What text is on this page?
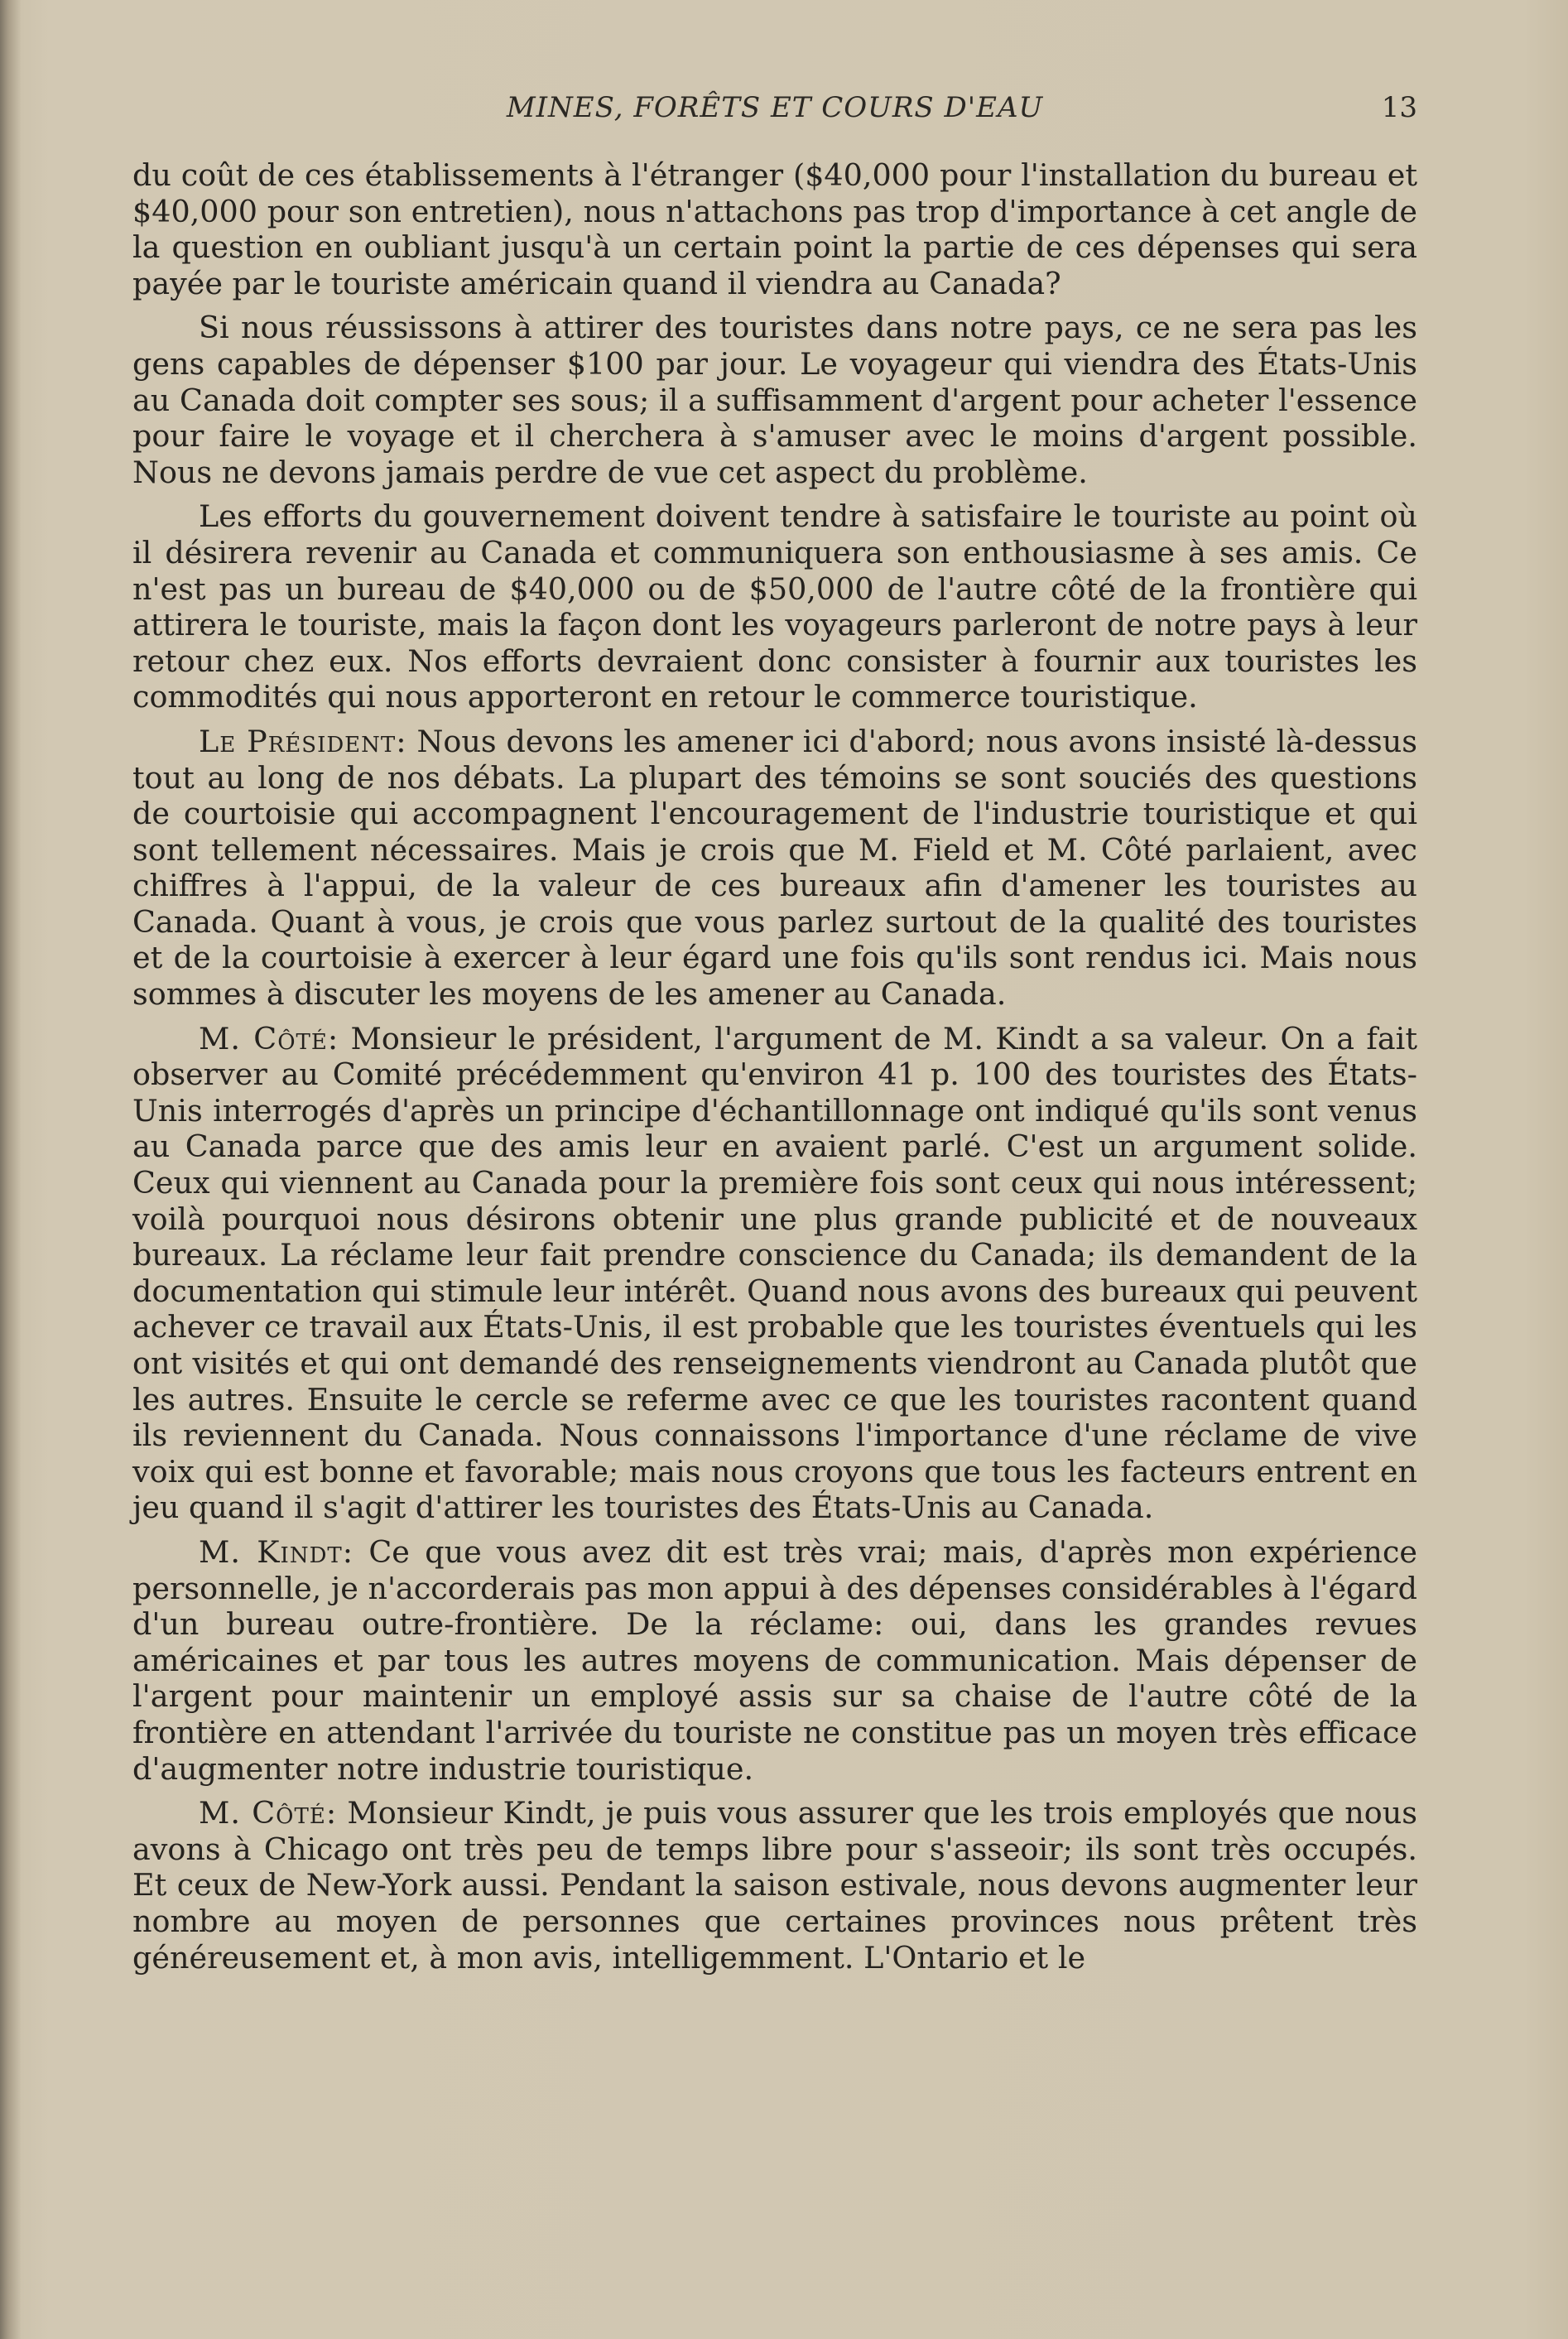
MINES, FORÊTS ET COURS D'EAU	13

du coût de ces établissements à l'étranger ($40,000 pour l'installation du bureau et $40,000 pour son entretien), nous n'attachons pas trop d'importance à cet angle de la question en oubliant jusqu'à un certain point la partie de ces dépenses qui sera payée par le touriste américain quand il viendra au Canada?

Si nous réussissons à attirer des touristes dans notre pays, ce ne sera pas les gens capables de dépenser $100 par jour. Le voyageur qui viendra des États-Unis au Canada doit compter ses sous; il a suffisamment d'argent pour acheter l'essence pour faire le voyage et il cherchera à s'amuser avec le moins d'argent possible. Nous ne devons jamais perdre de vue cet aspect du problème.

Les efforts du gouvernement doivent tendre à satisfaire le touriste au point où il désirera revenir au Canada et communiquera son enthousiasme à ses amis. Ce n'est pas un bureau de $40,000 ou de $50,000 de l'autre côté de la frontière qui attirera le touriste, mais la façon dont les voyageurs parleront de notre pays à leur retour chez eux. Nos efforts devraient donc consister à fournir aux touristes les commodités qui nous apporteront en retour le commerce touristique.

Le Président: Nous devons les amener ici d'abord; nous avons insisté là-dessus tout au long de nos débats. La plupart des témoins se sont souciés des questions de courtoisie qui accompagnent l'encouragement de l'industrie touristique et qui sont tellement nécessaires. Mais je crois que M. Field et M. Côté parlaient, avec chiffres à l'appui, de la valeur de ces bureaux afin d'amener les touristes au Canada. Quant à vous, je crois que vous parlez surtout de la qualité des touristes et de la courtoisie à exercer à leur égard une fois qu'ils sont rendus ici. Mais nous sommes à discuter les moyens de les amener au Canada.

M. Côté: Monsieur le président, l'argument de M. Kindt a sa valeur. On a fait observer au Comité précédemment qu'environ 41 p. 100 des touristes des États-Unis interrogés d'après un principe d'échantillonnage ont indiqué qu'ils sont venus au Canada parce que des amis leur en avaient parlé. C'est un argument solide. Ceux qui viennent au Canada pour la première fois sont ceux qui nous intéressent; voilà pourquoi nous désirons obtenir une plus grande publicité et de nouveaux bureaux. La réclame leur fait prendre conscience du Canada; ils demandent de la documentation qui stimule leur intérêt. Quand nous avons des bureaux qui peuvent achever ce travail aux États-Unis, il est probable que les touristes éventuels qui les ont visités et qui ont demandé des renseignements viendront au Canada plutôt que les autres. Ensuite le cercle se referme avec ce que les touristes racontent quand ils reviennent du Canada. Nous connaissons l'importance d'une réclame de vive voix qui est bonne et favorable; mais nous croyons que tous les facteurs entrent en jeu quand il s'agit d'attirer les touristes des États-Unis au Canada.

M. Kindt: Ce que vous avez dit est très vrai; mais, d'après mon expérience personnelle, je n'accorderais pas mon appui à des dépenses considérables à l'égard d'un bureau outre-frontière. De la réclame: oui, dans les grandes revues américaines et par tous les autres moyens de communication. Mais dépenser de l'argent pour maintenir un employé assis sur sa chaise de l'autre côté de la frontière en attendant l'arrivée du touriste ne constitue pas un moyen très efficace d'augmenter notre industrie touristique.

M. Côté: Monsieur Kindt, je puis vous assurer que les trois employés que nous avons à Chicago ont très peu de temps libre pour s'asseoir; ils sont très occupés. Et ceux de New-York aussi. Pendant la saison estivale, nous devons augmenter leur nombre au moyen de personnes que certaines provinces nous prêtent très généreusement et, à mon avis, intelligemment. L'Ontario et le
